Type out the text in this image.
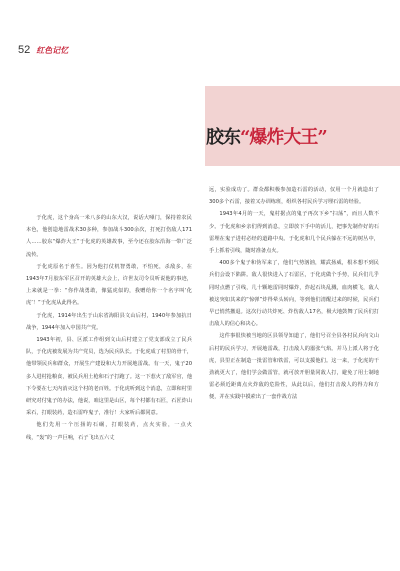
52 红色记忆
胶东“爆炸大王”

于化虎，这个身高一米八多的山东大汉，说话大嗓门，保持着农民本色，他创造地雷战术30多种，参加战斗300余次，打死打伤敌人171人……胶东“爆炸大王”于化虎的英雄故事，至今还在胶东沿海一带广泛流传。

于化虎原名于喜生。因为他打仗机智勇敢，不怕死，杀敌多，在1943年7月胶东军区召开的英雄大会上，许世友司令员听说他的事迹，上来就是一拳：“你作战勇敢，像猛虎似的，我赠给你一个名字叫‘化虎’！”于化虎从此得名。

于化虎，1914年出生于山东省海阳县文山后村，1940年参加抗日战争，1944年加入中国共产党。

1943年初，县、区派工作组到文山后村建立了党支部成立了民兵队，于化虎被发展为共产党员，选为民兵队长。于化虎成了村里的骨干，他带领民兵和群众，开展生产建设和大力开展地雷战。有一天，鬼子20多人进村抢粮食，被民兵用土枪和石子打跑了。这一下惹火了敌军官，他下令要在七天内消灭这个村的老百姓。于化虎听到这个消息，立即和村里研究对付鬼子的办法，他说，咱这里是山区，每个村都有石匠，石匠炸山采石，打眼装药，造石雷咋鬼子，准行！大家听后都同意。

他们先用一个压扬的石碾，打眼装药，点火实验，一点火线，“轰”的一声巨响，石子飞出五六丈

远，实验成功了。群众都积极参加造石雷的活动，仅用一个月就造出了300多个石雷，接着又办训练班，组织各村民兵学习埋石雷的经验。

1943年4月的一天，鬼村据点的鬼子再次下乡“扫荡”，而且人数不少。于化虎和乡亲们得到消息，立即放下手中的活儿，把事先制作好的石雷埋在鬼子进村必经的道路中央。于化虎和几个民兵躲在不远的树丛中，手上抓着引线，随时准备点火。

400多个鬼子和伪军来了，他们气势汹汹，耀武扬威，根本想不到民兵们会设下陷阱。敌人很快进入了石雷区，于化虎做个手势，民兵们几乎同时点燃了引线，几十颗地雷同时爆炸，炸起石块乱溅，血肉横飞，敌人被这突如其来的“惊弹”炸得晕头转向，等到他们清醒过来的时候，民兵们早已悄然撤退。这次行动共炸死、炸伤敌人17名，极大地鼓舞了民兵们打击敌人的信心和决心。

这件事很快被当地的区县领导知道了，他们号召全县各村民兵向文山后村的民兵学习，开展地雷战，打击敌人的嚣张气焰。并马上派人将于化虎，县里正在制造一批雷管和铁雷，可以支援他们。这一来，于化虎的干劲就更大了，他们学会做雷管，就可放开胆量同敌人打，避免了用土制地雷必须近距离点火炸敌的危险性，从此以后，他们打击敌人的得力和方便，并在实践中摸索出了一套作战方法
